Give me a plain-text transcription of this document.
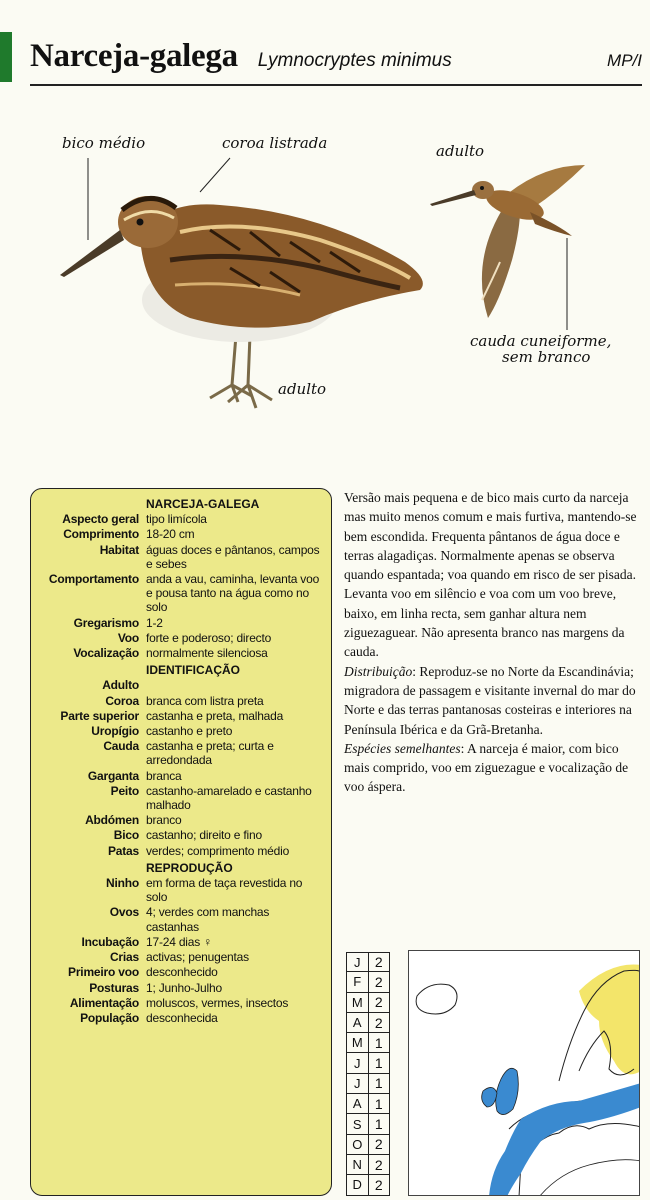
Narceja-galega Lymnocryptes minimus	MP/I
bico médio	coroa listrada	adulto
cauda cuneiforme,
sem branco
adulto
NARCEJA-GALEGA
Aspecto geral tipo limícola
Comprimento 18-20 cm
Habitat águas doces e pântanos, campos e sebes
Comportamento anda a vau, caminha, levanta voo e pousa tanto na água como no solo
Gregarismo 1-2
Voo forte e poderoso; directo
Vocalização normalmente silenciosa
IDENTIFICAÇÃO
Adulto
Coroa branca com listra preta
Parte superior castanha e preta, malhada
Uropígio castanho e preto
Cauda castanha e preta; curta e arredondada
Garganta branca
Peito castanho-amarelado e castanho malhado
Abdómen branco
Bico castanho; direito e fino
Patas verdes; comprimento médio
REPRODUÇÃO
Ninho em forma de taça revestida no solo
Ovos 4; verdes com manchas castanhas
Incubação 17-24 dias ♀
Crias activas; penugentas
Primeiro voo desconhecido
Posturas 1; Junho-Julho
Alimentação moluscos, vermes, insectos
População desconhecida

Versão mais pequena e de bico mais curto da narceja mas muito menos comum e mais furtiva, mantendo-se bem escondida. Frequenta pântanos de água doce e terras alagadiças. Normalmente apenas se observa quando espantada; voa quando em risco de ser pisada. Levanta voo em silêncio e voa com um voo breve, baixo, em linha recta, sem ganhar altura nem ziguezaguear. Não apresenta branco nas margens da cauda.

Distribuição: Reproduz-se no Norte da Escandinávia; migradora de passagem e visitante invernal do mar do Norte e das terras pantanosas costeiras e interiores na Península Ibérica e da Grã-Bretanha.

Espécies semelhantes: A narceja é maior, com bico mais comprido, voo em ziguezague e vocalização de voo áspera.

J	2
F 2
M 2
A 2
M 1
J	1
J	1
A 1
S 1
O 2
N 2
D 2
